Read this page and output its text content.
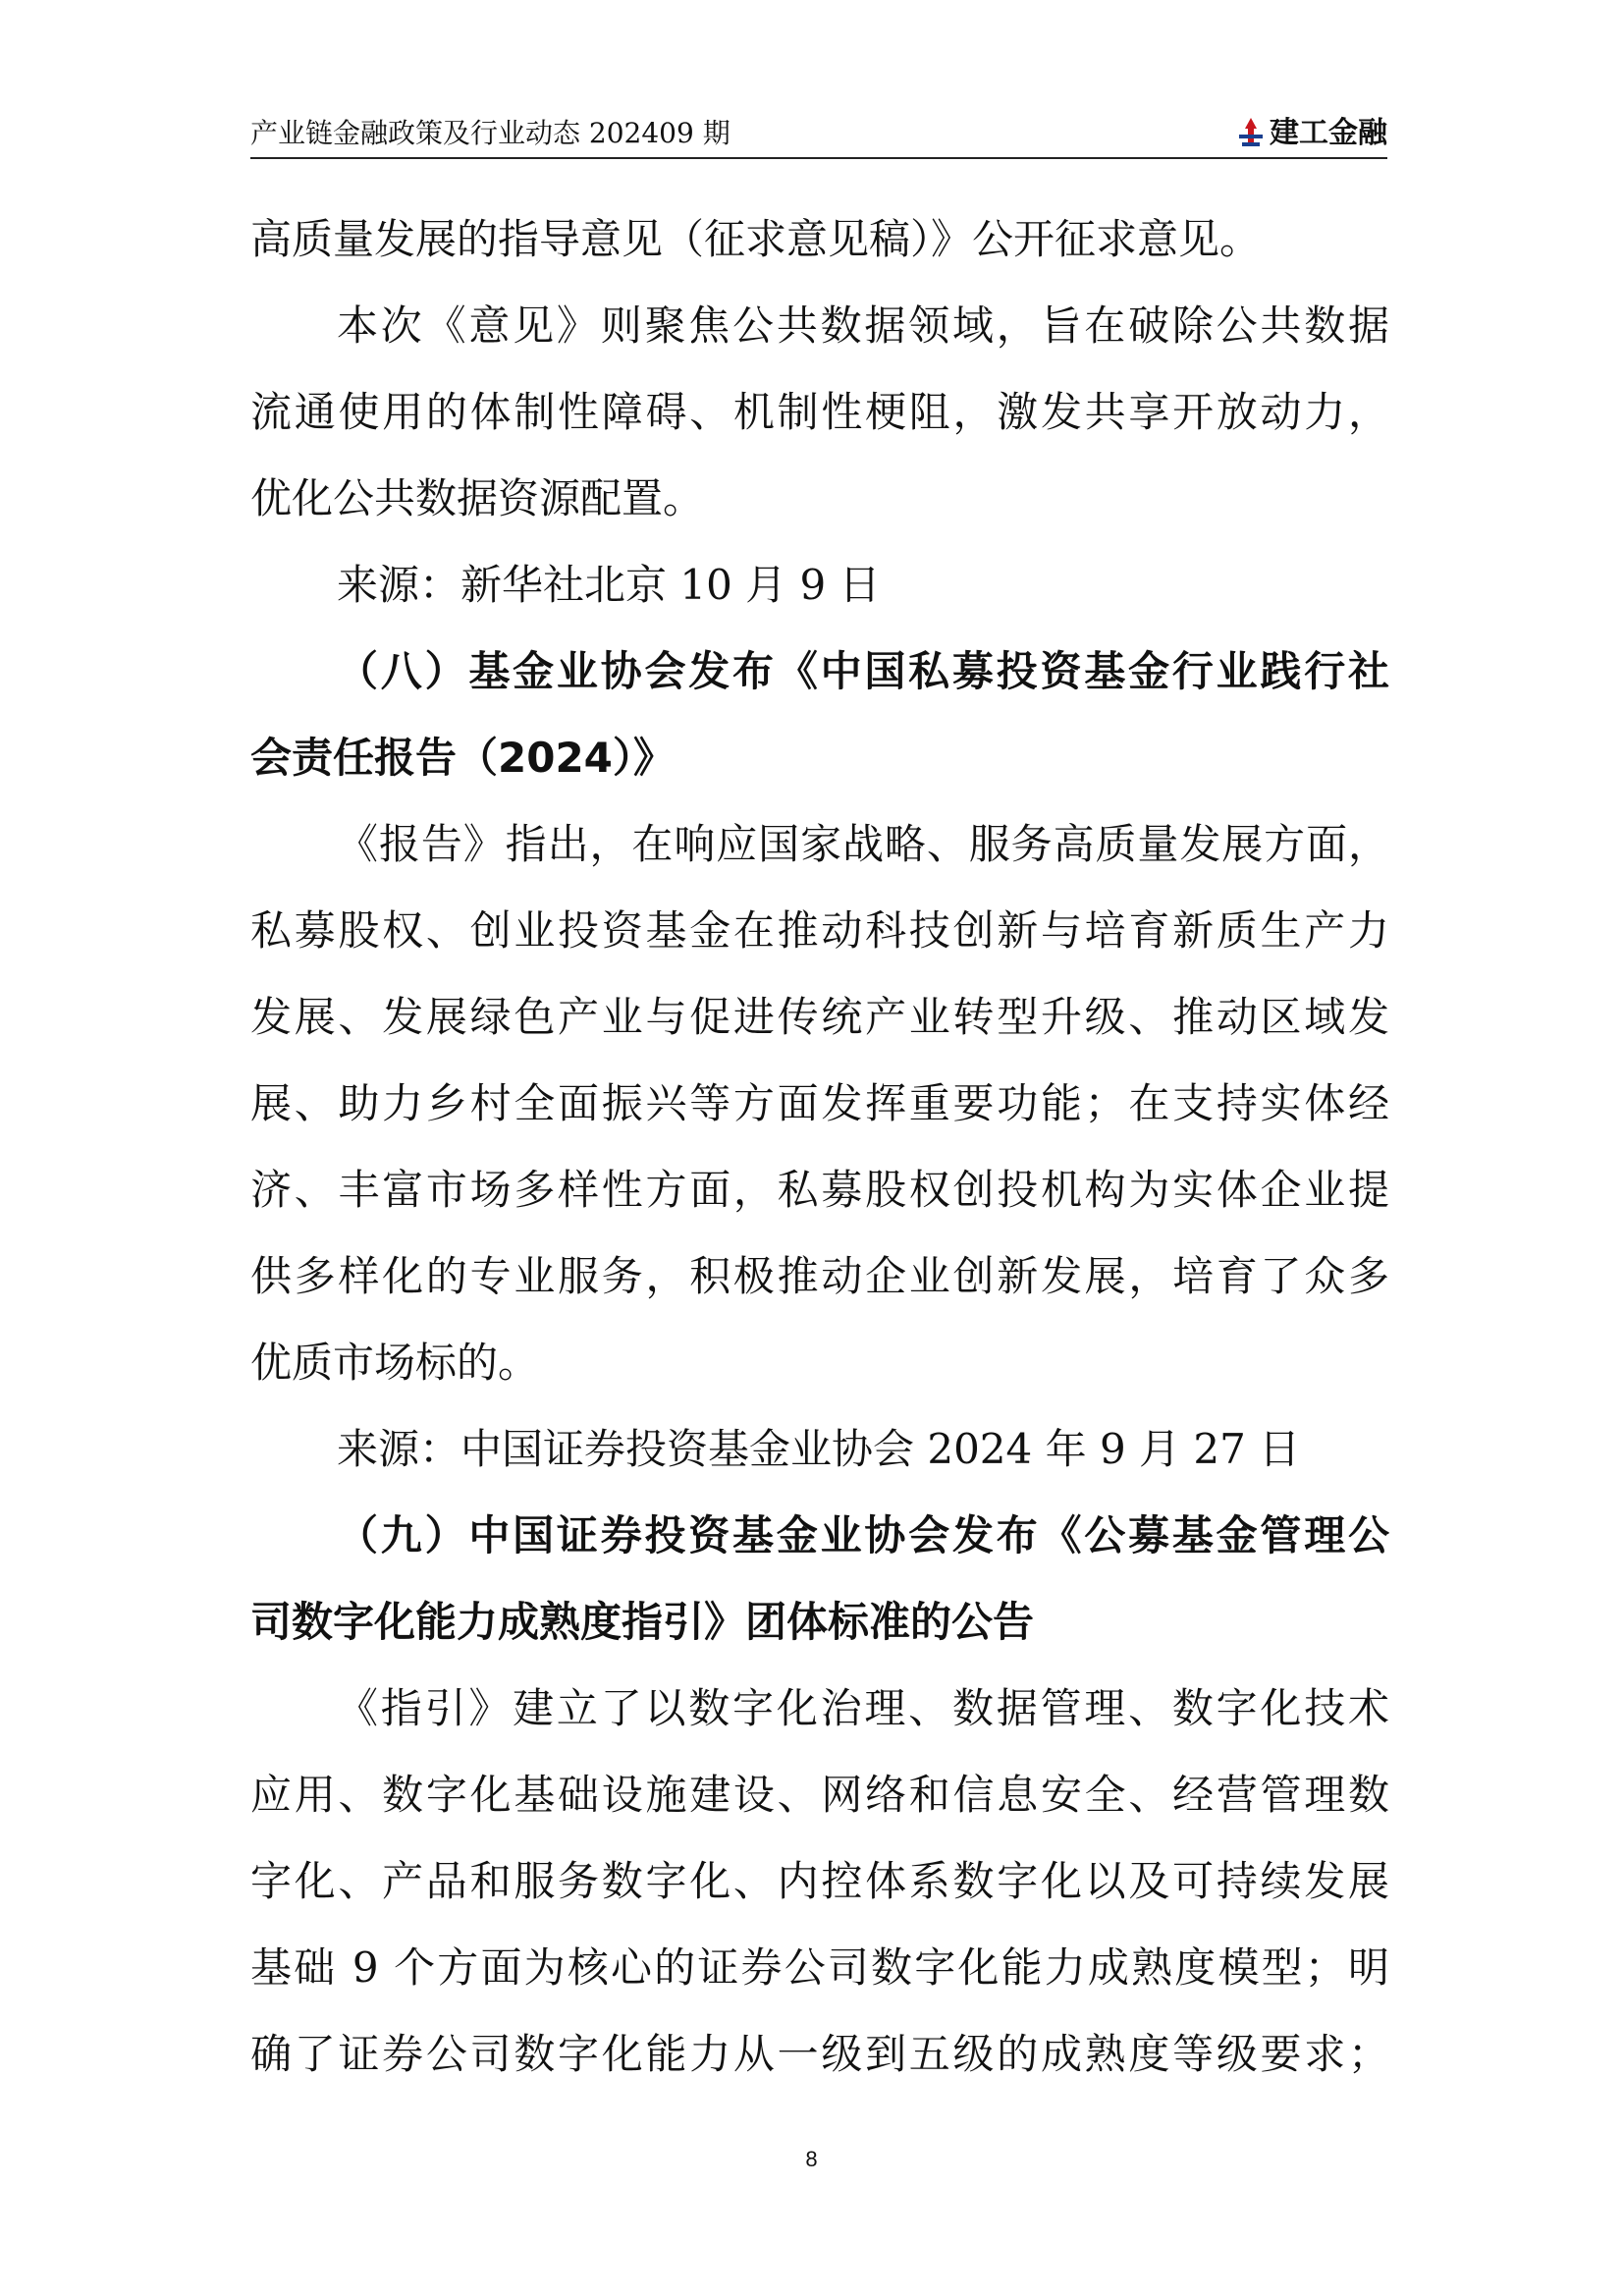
产业链金融政策及行业动态 202409 期	建工金融
高质量发展的指导意见（征求意见稿）》公开征求意见。
本次《意见》则聚焦公共数据领域，旨在破除公共数据
流通使用的体制性障碍、机制性梗阻，激发共享开放动力，
优化公共数据资源配置。
来源：新华社北京 10 月 9 日
（八）基金业协会发布《中国私募投资基金行业践行社
会责任报告（2024）》
《报告》指出，在响应国家战略、服务高质量发展方面，
私募股权、创业投资基金在推动科技创新与培育新质生产力
发展、发展绿色产业与促进传统产业转型升级、推动区域发
展、助力乡村全面振兴等方面发挥重要功能；在支持实体经
济、丰富市场多样性方面，私募股权创投机构为实体企业提
供多样化的专业服务，积极推动企业创新发展，培育了众多
优质市场标的。
来源：中国证券投资基金业协会 2024 年 9 月 27 日
（九）中国证券投资基金业协会发布《公募基金管理公
司数字化能力成熟度指引》团体标准的公告
《指引》建立了以数字化治理、数据管理、数字化技术
应用、数字化基础设施建设、网络和信息安全、经营管理数
字化、产品和服务数字化、内控体系数字化以及可持续发展
基础 9 个方面为核心的证券公司数字化能力成熟度模型；明
确了证券公司数字化能力从一级到五级的成熟度等级要求；
8
